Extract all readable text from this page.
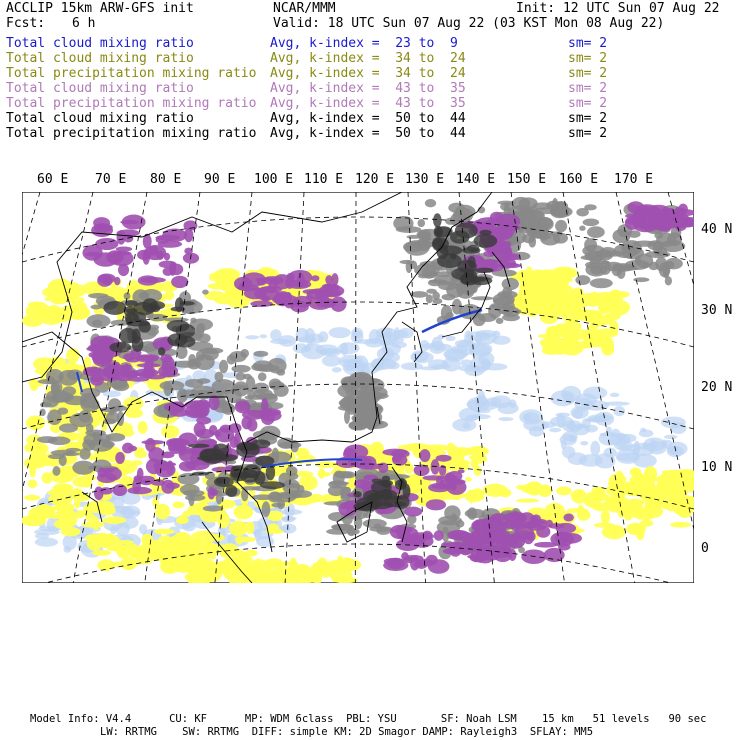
ACCLIP 15km ARW-GFS init	NCAR/MMM	Init: 12 UTC Sun 07 Aug 22
Fcst: 6 h	Valid: 18 UTC Sun 07 Aug 22 (03 KST Mon 08 Aug 22)
Total cloud mixing ratio	Avg, k-index =  23 to  9	sm= 2
Total cloud mixing ratio	Avg, k-index =  34 to  24	sm= 2
Total precipitation mixing ratio Avg, k-index =  34 to  24	sm= 2
Total cloud mixing ratio	Avg, k-index =  43 to  35	sm= 2
Total precipitation mixing ratio Avg, k-index =  43 to  35	sm= 2
Total cloud mixing ratio	Avg, k-index =  50 to  44	sm= 2
Total precipitation mixing ratio Avg, k-index =  50 to  44	sm= 2
60 E 70 E 80 E 90 E 100 E 110 E 120 E 130 E 140 E 150 E 160 E 170 E
40 N
30 N
20 N
10 N
0
Model Info: V4.4      CU: KF      MP: WDM 6class  PBL: YSU       SF: Noah LSM    15 km   51 levels   90 sec
LW: RRTMG    SW: RRTMG  DIFF: simple KM: 2D Smagor DAMP: Rayleigh3  SFLAY: MM5
